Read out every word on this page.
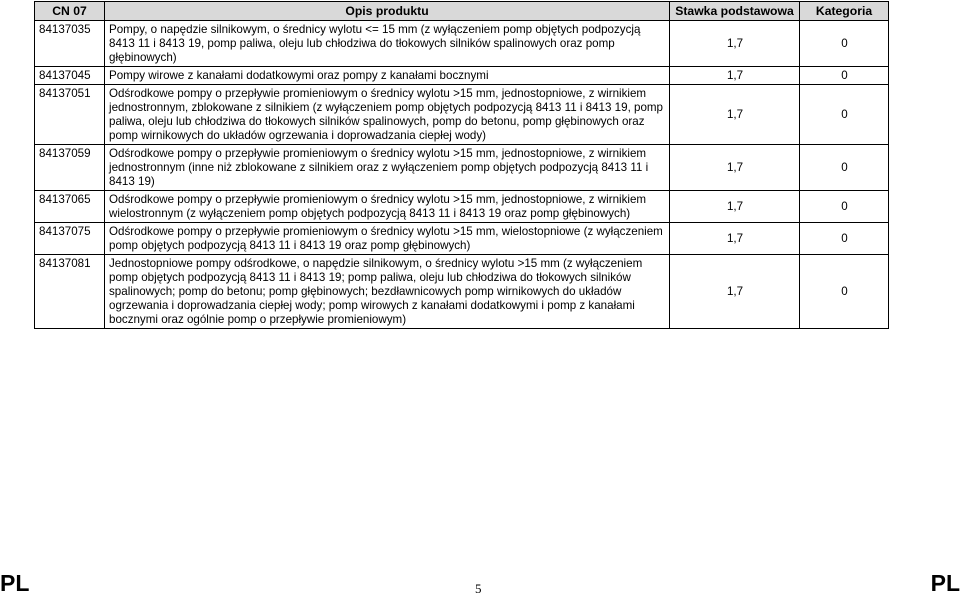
CN 07	Opis produktu	Stawka podstawowa	Kategoria
84137035	Pompy, o napędzie silnikowym, o średnicy wylotu <= 15 mm (z wyłączeniem pomp objętych podpozycją 8413 11 i 8413 19, pomp paliwa, oleju lub chłodziwa do tłokowych silników spalinowych oraz pomp głębinowych)	1,7	0
84137045	Pompy wirowe z kanałami dodatkowymi oraz pompy z kanałami bocznymi	1,7	0
84137051	Odśrodkowe pompy o przepływie promieniowym o średnicy wylotu >15 mm, jednostopniowe, z wirnikiem jednostronnym, zblokowane z silnikiem (z wyłączeniem pomp objętych podpozycją 8413 11 i 8413 19, pomp paliwa, oleju lub chłodziwa do tłokowych silników spalinowych, pomp do betonu, pomp głębinowych oraz pomp wirnikowych do układów ogrzewania i doprowadzania ciepłej wody)	1,7	0
84137059	Odśrodkowe pompy o przepływie promieniowym o średnicy wylotu >15 mm, jednostopniowe, z wirnikiem jednostronnym (inne niż zblokowane z silnikiem oraz z wyłączeniem pomp objętych podpozycją 8413 11 i 8413 19)	1,7	0
84137065	Odśrodkowe pompy o przepływie promieniowym o średnicy wylotu >15 mm, jednostopniowe, z wirnikiem wielostronnym (z wyłączeniem pomp objętych podpozycją 8413 11 i 8413 19 oraz pomp głębinowych)	1,7	0
84137075	Odśrodkowe pompy o przepływie promieniowym o średnicy wylotu >15 mm, wielostopniowe (z wyłączeniem pomp objętych podpozycją 8413 11 i 8413 19 oraz pomp głębinowych)	1,7	0
84137081	Jednostopniowe pompy odśrodkowe, o napędzie silnikowym, o średnicy wylotu >15 mm (z wyłączeniem pomp objętych podpozycją 8413 11 i 8413 19; pomp paliwa, oleju lub chłodziwa do tłokowych silników spalinowych; pomp do betonu; pomp głębinowych; bezdławnicowych pomp wirnikowych do układów ogrzewania i doprowadzania ciepłej wody; pomp wirowych z kanałami dodatkowymi i pomp z kanałami bocznymi oraz ogólnie pomp o przepływie promieniowym)	1,7	0
PL	5	PL
